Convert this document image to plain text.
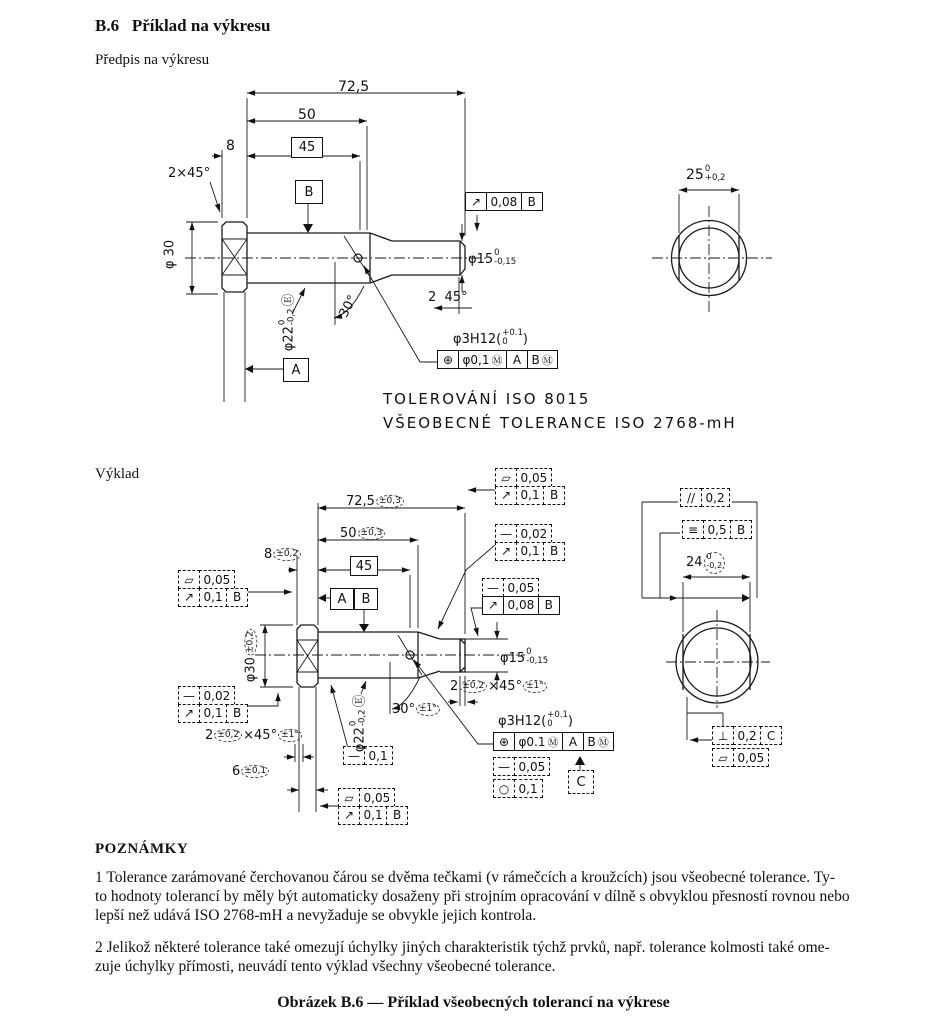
B.6 Příklad na výkresu
Předpis na výkresu
Výklad
72,5
50
45
8
2×45°
B
A
↗ 0,08 B
φ 30
φ22
0 -0,2
Ⓔ	30°
φ15 0
-0,15
2  45°
φ3H12( +0.1
0 )
⊕ φ0,1 Ⓜ A B Ⓜ
TOLEROVÁNÍ ISO 8015
VŠEOBECNÉ TOLERANCE ISO 2768-mH
25 0
+0,2
72,5 ±0,3
50 ±0,3
45
8 ±0,2
▱ 0,05
↗ 0,1 B
φ30
±0,2
— 0,02
↗ 0,1 B
2 ±0,2 ×45° ±1°
6 ±0,1
A	B
— 0,1
▱ 0,05
↗ 0,1 B
φ22
0 -0,2
Ⓔ
30° ±1°
▱ 0,05
↗ 0,1 B
— 0,02
↗ 0,1 B
— 0,05
↗ 0,08 B
φ15 0
-0,15
2 ±0,2 ×45° ±1°
φ3H12( +0.1
0 )
⊕ φ0.1 Ⓜ A B Ⓜ
— 0,05
○ 0,1	C
24 0
-0,2
// 0,2
≡ 0,5 B
⊥ 0,2 C
▱ 0,05
POZNÁMKY
1 Tolerance zarámované čerchovanou čárou se dvěma tečkami (v rámečcích a kroužcích) jsou všeobecné tolerance. Ty-
to hodnoty tolerancí by měly být automaticky dosaženy při strojním opracování v dílně s obvyklou přesností rovnou nebo
lepší než udává ISO 2768-mH a nevyžaduje se obvykle jejich kontrola.
2 Jelikož některé tolerance také omezují úchylky jiných charakteristik týchž prvků, např. tolerance kolmosti také ome-
zuje úchylky přímosti, neuvádí tento výklad všechny všeobecné tolerance.
Obrázek B.6 — Příklad všeobecných tolerancí na výkrese
